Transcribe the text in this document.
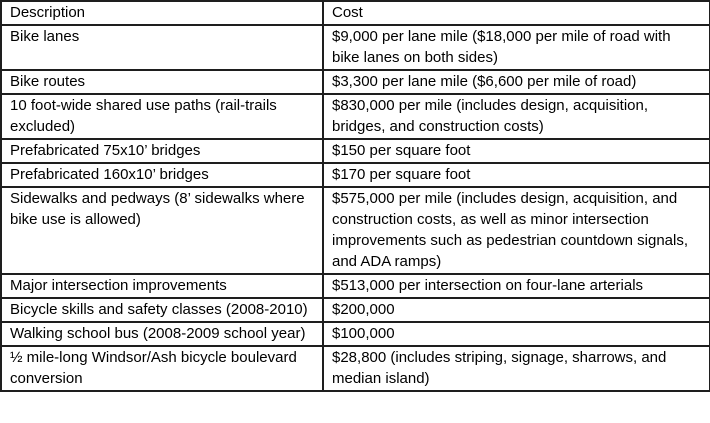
Description	Cost
Bike lanes	$9,000 per lane mile ($18,000 per mile of road with bike lanes on both sides)
Bike routes	$3,300 per lane mile ($6,600 per mile of road)
10 foot-wide shared use paths (rail-trails excluded)	$830,000 per mile (includes design, acquisition, bridges, and construction costs)
Prefabricated 75x10’ bridges	$150 per square foot
Prefabricated 160x10’ bridges	$170 per square foot
Sidewalks and pedways (8’ sidewalks where bike use is allowed)	$575,000 per mile (includes design, acquisition, and construction costs, as well as minor intersection improvements such as pedestrian countdown signals, and ADA ramps)
Major intersection improvements	$513,000 per intersection on four-lane arterials
Bicycle skills and safety classes (2008-2010)	$200,000
Walking school bus (2008-2009 school year)	$100,000
½ mile-long Windsor/Ash bicycle boulevard conversion	$28,800 (includes striping, signage, sharrows, and median island)
